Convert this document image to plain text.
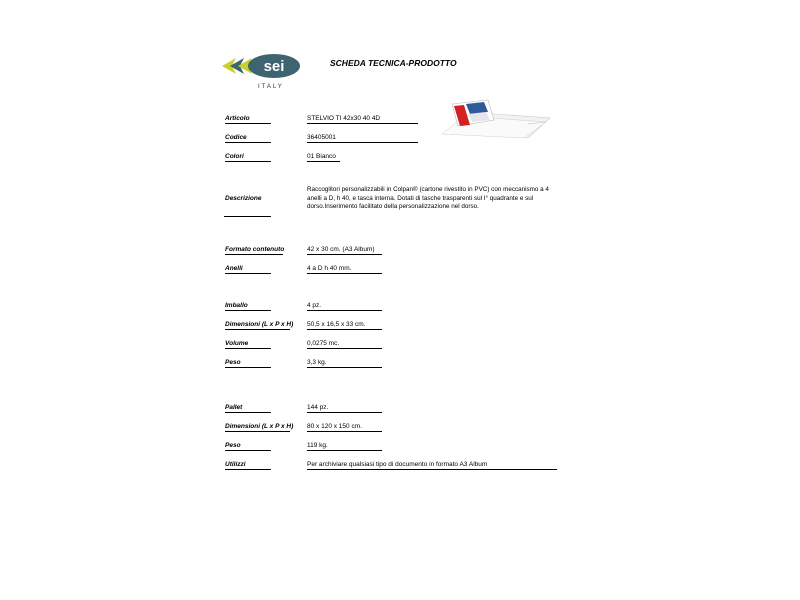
sei
ITALY
SCHEDA TECNICA-PRODOTTO
Articolo	STELVIO TI 42x30 40 4D
Codice	36405001
Colori	01 Bianco
Descrizione
Raccoglitori personalizzabili in Colpan® (cartone rivestito in PVC) con meccanismo a 4 anelli a D, h 40, e tasca interna. Dotati di tasche trasparenti sul I° quadrante e sul dorso.Inserimento facilitato della personalizzazione nel dorso.
Formato contenuto	42 x 30 cm. (A3 Album)
Anelli	4 a D h 40 mm.
Imballo	4 pz.
Dimensioni (L x P x H) 50,5 x 16,5 x 33 cm.
Volume	0,0275 mc.
Peso	3,3 kg.
Pallet	144 pz.
Dimensioni (L x P x H) 80 x 120 x 150 cm.
Peso	119 kg.
Utilizzi	Per archiviare qualsiasi tipo di documento in formato A3 Album
